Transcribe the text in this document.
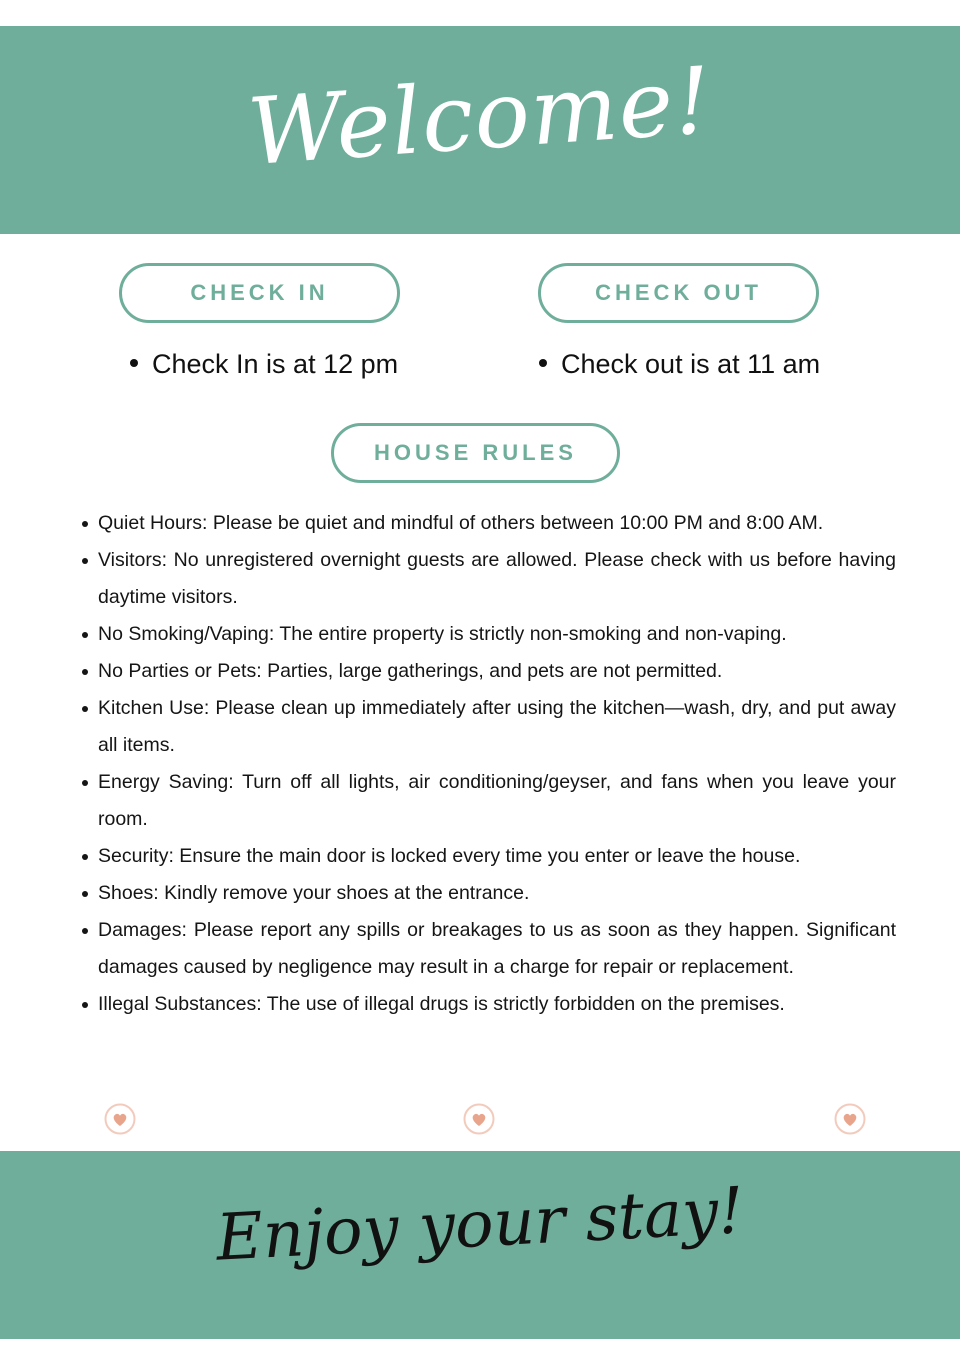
Welcome!
CHECK IN	CHECK OUT
Check In is at 12 pm	Check out is at 11 am
HOUSE RULES
Quiet Hours: Please be quiet and mindful of others between 10:00 PM and 8:00 AM.
Visitors: No unregistered overnight guests are allowed. Please check with us before having daytime visitors.
No Smoking/Vaping: The entire property is strictly non-smoking and non-vaping.
No Parties or Pets: Parties, large gatherings, and pets are not permitted.
Kitchen Use: Please clean up immediately after using the kitchen—wash, dry, and put away all items.
Energy Saving: Turn off all lights, air conditioning/geyser, and fans when you leave your room.
Security: Ensure the main door is locked every time you enter or leave the house.
Shoes: Kindly remove your shoes at the entrance.
Damages: Please report any spills or breakages to us as soon as they happen. Significant damages caused by negligence may result in a charge for repair or replacement.
Illegal Substances: The use of illegal drugs is strictly forbidden on the premises.
Enjoy your stay!
